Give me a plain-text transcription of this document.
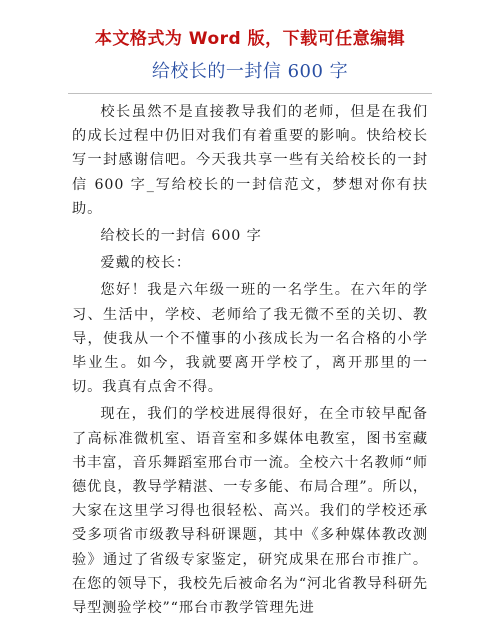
本文格式为 Word 版，下载可任意编辑
给校长的一封信 600 字

校长虽然不是直接教导我们的老师，但是在我们的成长过程中仍旧对我们有着重要的影响。快给校长写一封感谢信吧。今天我共享一些有关给校长的一封信 600 字_写给校长的一封信范文，梦想对你有扶助。

给校长的一封信 600 字

爱戴的校长：

您好！我是六年级一班的一名学生。在六年的学习、生活中，学校、老师给了我无微不至的关切、教导，使我从一个不懂事的小孩成长为一名合格的小学毕业生。如今，我就要离开学校了，离开那里的一切。我真有点舍不得。

现在，我们的学校进展得很好，在全市较早配备了高标准微机室、语音室和多媒体电教室，图书室藏书丰富，音乐舞蹈室邢台市一流。全校六十名教师“师德优良，教导学精湛、一专多能、布局合理”。所以，大家在这里学习得也很轻松、高兴。我们的学校还承受多项省市级教导科研课题，其中《多种媒体教改测验》通过了省级专家鉴定，研究成果在邢台市推广。在您的领导下，我校先后被命名为“河北省教导科研先导型测验学校”“邢台市教学管理先进
